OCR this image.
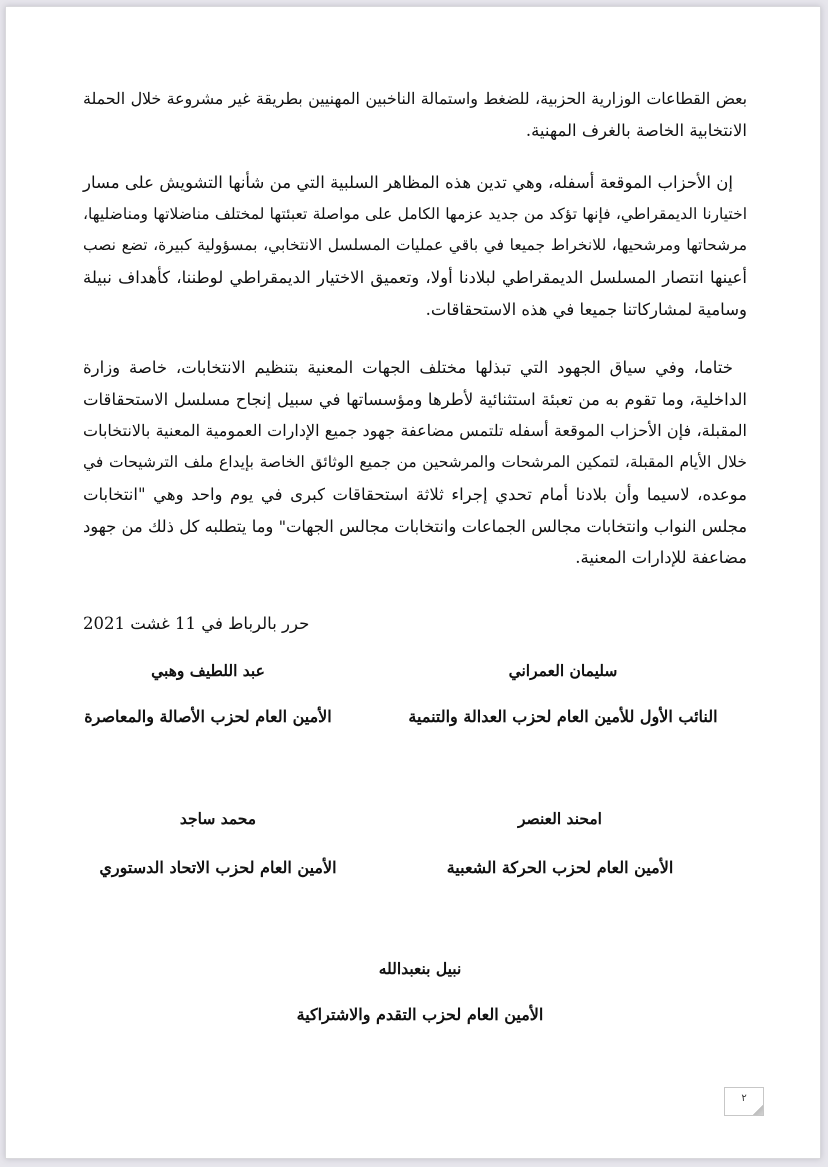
بعض القطاعات الوزارية الحزبية، للضغط واستمالة الناخبين المهنيين بطريقة غير مشروعة خلال الحملة
الانتخابية الخاصة بالغرف المهنية.
إن الأحزاب الموقعة أسفله، وهي تدين هذه المظاهر السلبية التي من شأنها التشويش على مسار
اختيارنا الديمقراطي، فإنها تؤكد من جديد عزمها الكامل على مواصلة تعبئتها لمختلف مناضلاتها ومناضليها،
مرشحاتها ومرشحيها، للانخراط جميعا في باقي عمليات المسلسل الانتخابي، بمسؤولية كبيرة، تضع نصب
أعينها انتصار المسلسل الديمقراطي لبلادنا أولا، وتعميق الاختيار الديمقراطي لوطننا، كأهداف نبيلة
وسامية لمشاركاتنا جميعا في هذه الاستحقاقات.
ختاما، وفي سياق الجهود التي تبذلها مختلف الجهات المعنية بتنظيم الانتخابات، خاصة وزارة
الداخلية، وما تقوم به من تعبئة استثنائية لأطرها ومؤسساتها في سبيل إنجاح مسلسل الاستحقاقات
المقبلة، فإن الأحزاب الموقعة أسفله تلتمس مضاعفة جهود جميع الإدارات العمومية المعنية بالانتخابات
خلال الأيام المقبلة، لتمكين المرشحات والمرشحين من جميع الوثائق الخاصة بإيداع ملف الترشيحات في
موعده، لاسيما وأن بلادنا أمام تحدي إجراء ثلاثة استحقاقات كبرى في يوم واحد وهي "انتخابات
مجلس النواب وانتخابات مجالس الجماعات وانتخابات مجالس الجهات" وما يتطلبه كل ذلك من جهود
مضاعفة للإدارات المعنية.
حرر بالرباط في 11 غشت 2021
سليمان العمراني
النائب الأول للأمين العام لحزب العدالة والتنمية
عبد اللطيف وهبي
الأمين العام لحزب الأصالة والمعاصرة
امحند العنصر
الأمين العام لحزب الحركة الشعبية
محمد ساجد
الأمين العام لحزب الاتحاد الدستوري
نبيل بنعبدالله
الأمين العام لحزب التقدم والاشتراكية
٢
